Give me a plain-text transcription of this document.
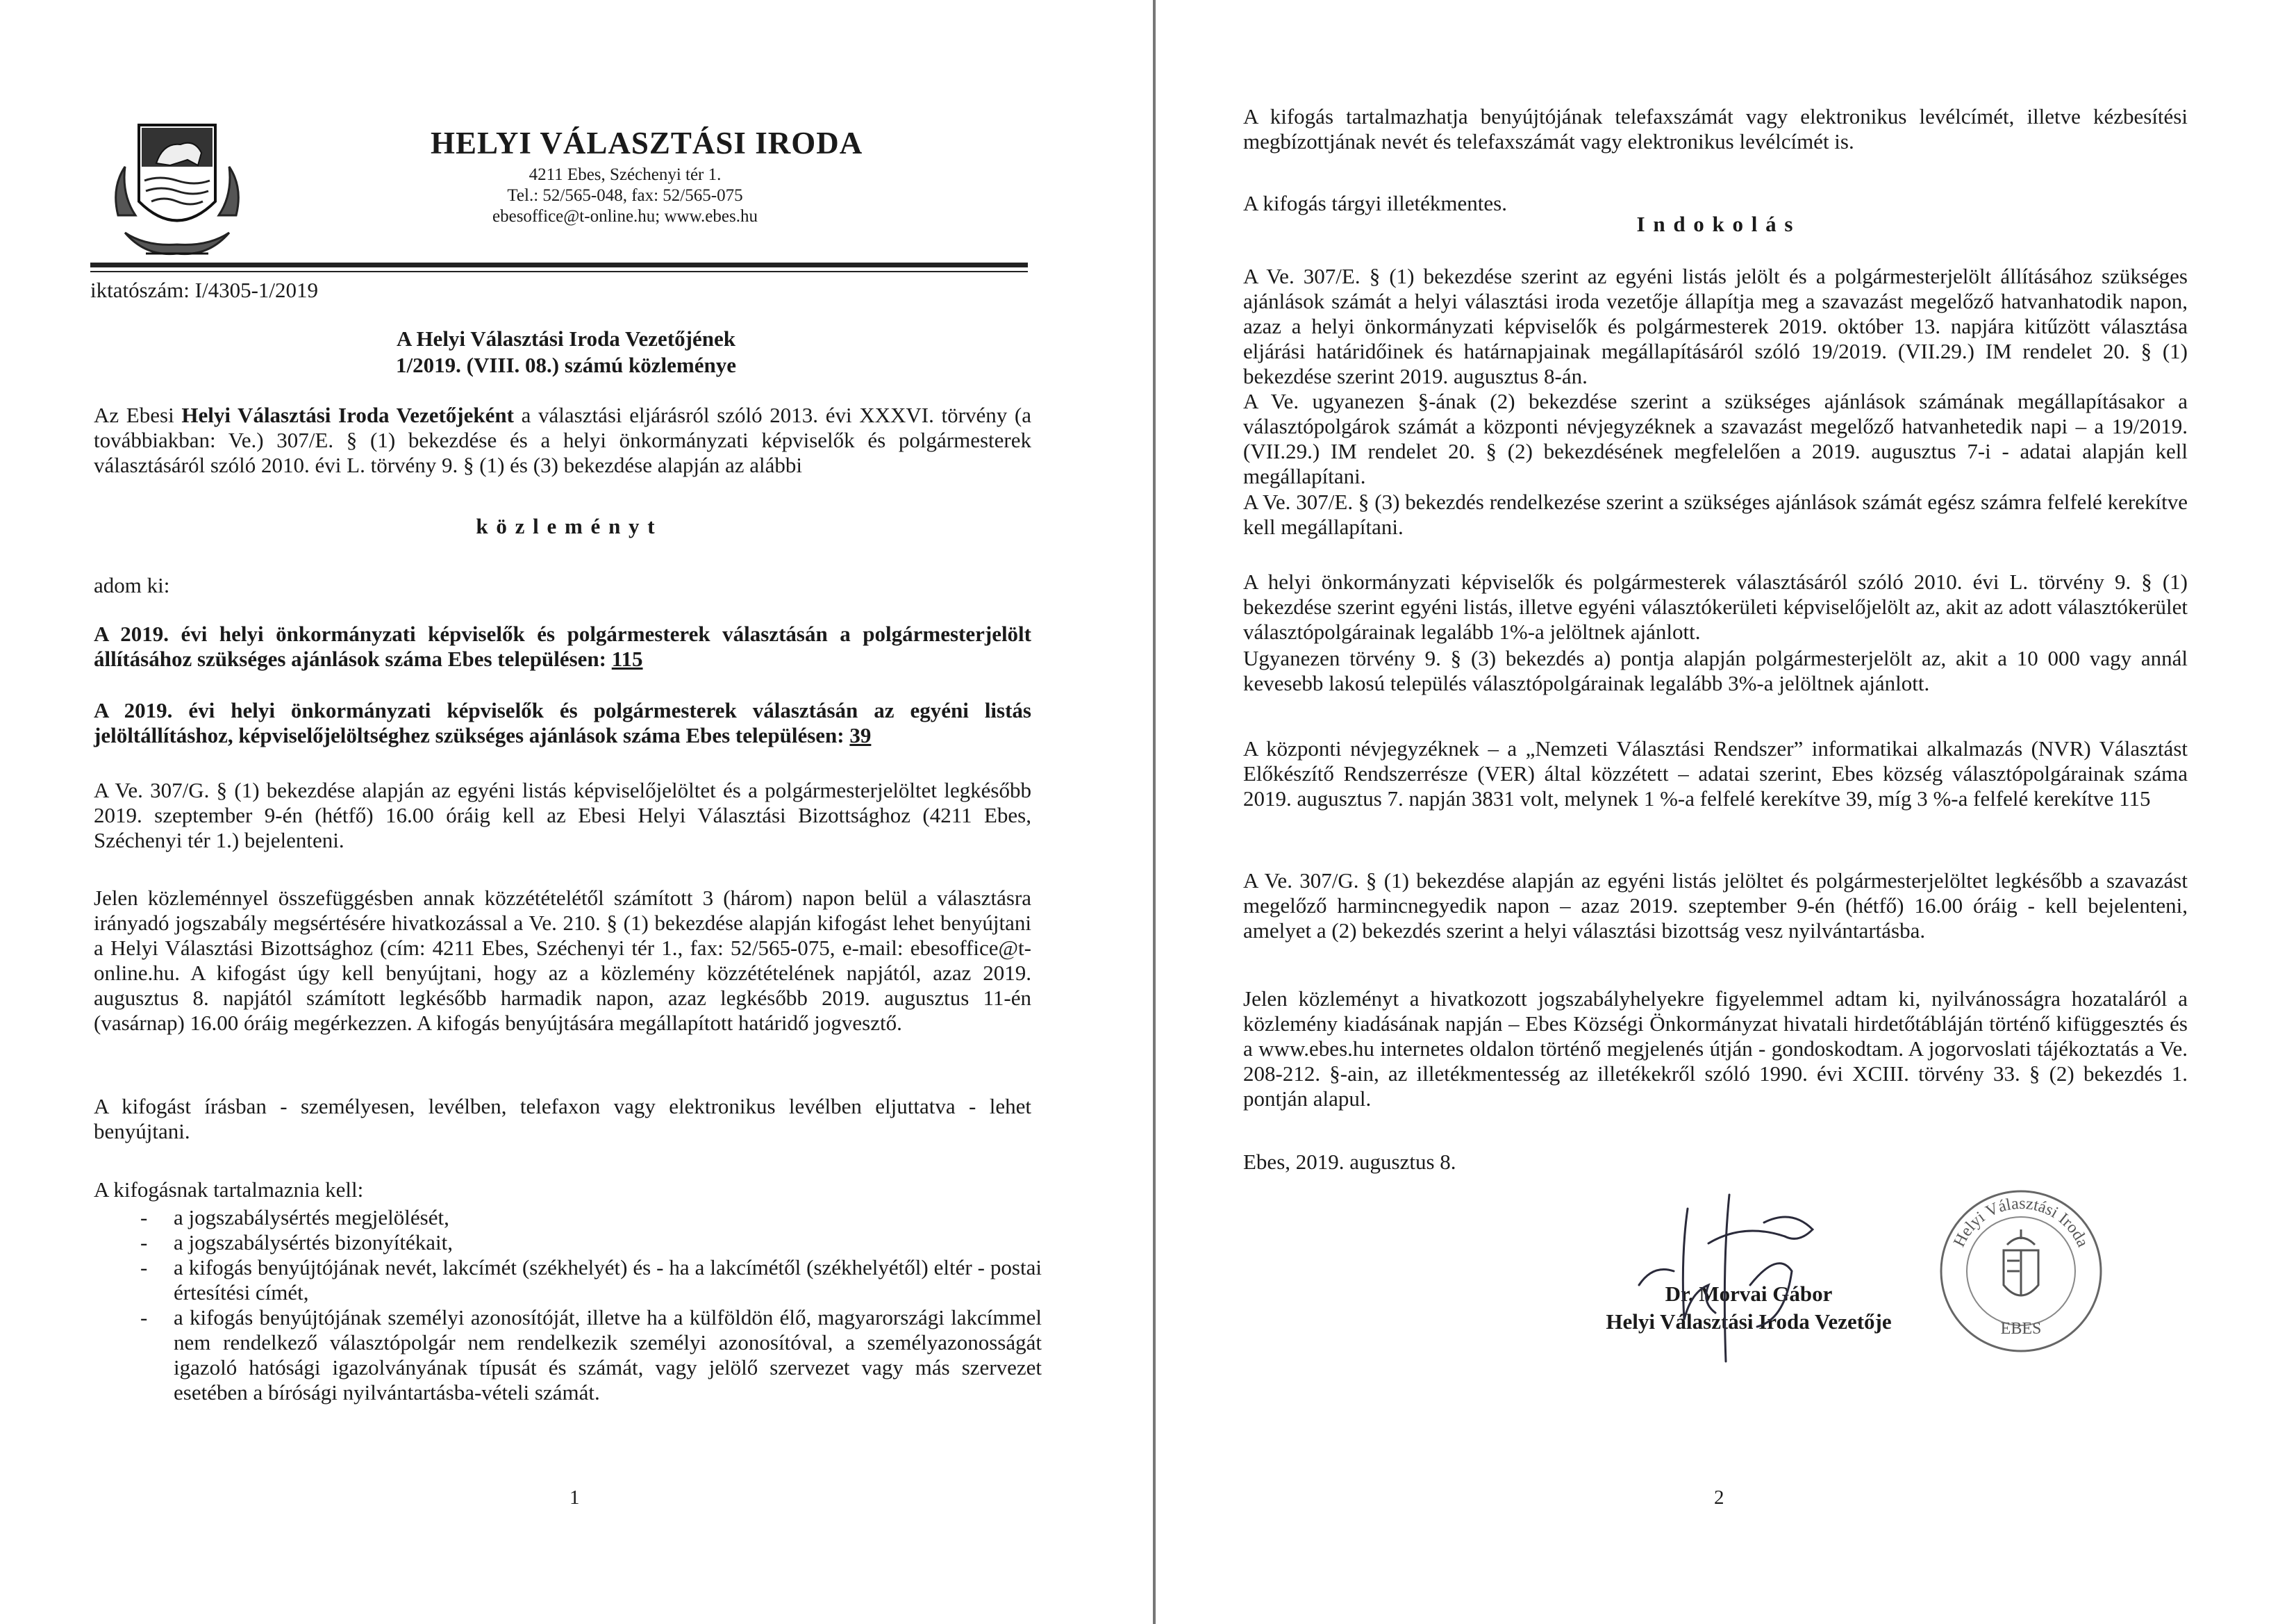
HELYI VÁLASZTÁSI IRODA
4211 Ebes, Széchenyi tér 1.
Tel.: 52/565-048, fax: 52/565-075
ebesoffice@t-online.hu; www.ebes.hu
iktatószám: I/4305-1/2019
A Helyi Választási Iroda Vezetőjének
1/2019. (VIII. 08.) számú közleménye
Az Ebesi Helyi Választási Iroda Vezetőjeként a választási eljárásról szóló 2013. évi XXXVI. törvény (a továbbiakban: Ve.) 307/E. § (1) bekezdése és a helyi önkormányzati képviselők és polgármesterek választásáról szóló 2010. évi L. törvény 9. § (1) és (3) bekezdése alapján az alábbi
k ö z l e m é n y t
adom ki:
A 2019. évi helyi önkormányzati képviselők és polgármesterek választásán a polgármesterjelölt állításához szükséges ajánlások száma Ebes településen: 115
A 2019. évi helyi önkormányzati képviselők és polgármesterek választásán az egyéni listás jelöltállításhoz, képviselőjelöltséghez szükséges ajánlások száma Ebes településen: 39
A Ve. 307/G. § (1) bekezdése alapján az egyéni listás képviselőjelöltet és a polgármesterjelöltet legkésőbb 2019. szeptember 9-én (hétfő) 16.00 óráig kell az Ebesi Helyi Választási Bizottsághoz (4211 Ebes, Széchenyi tér 1.) bejelenteni.
Jelen közleménnyel összefüggésben annak közzétételétől számított 3 (három) napon belül a választásra irányadó jogszabály megsértésére hivatkozással a Ve. 210. § (1) bekezdése alapján kifogást lehet benyújtani a Helyi Választási Bizottsághoz (cím: 4211 Ebes, Széchenyi tér 1., fax: 52/565-075, e-mail: ebesoffice@t-online.hu. A kifogást úgy kell benyújtani, hogy az a közlemény közzétételének napjától, azaz 2019. augusztus 8. napjától számított legkésőbb harmadik napon, azaz legkésőbb 2019. augusztus 11-én (vasárnap) 16.00 óráig megérkezzen. A kifogás benyújtására megállapított határidő jogvesztő.
A kifogást írásban - személyesen, levélben, telefaxon vagy elektronikus levélben eljuttatva - lehet benyújtani.
A kifogásnak tartalmaznia kell:

- a jogszabálysértés megjelölését,

- a jogszabálysértés bizonyítékait,

- a kifogás benyújtójának nevét, lakcímét (székhelyét) és - ha a lakcímétől (székhelyétől) eltér - postai értesítési címét,

- a kifogás benyújtójának személyi azonosítóját, illetve ha a külföldön élő, magyarországi lakcímmel nem rendelkező választópolgár nem rendelkezik személyi azonosítóval, a személyazonosságát igazoló hatósági igazolványának típusát és számát, vagy jelölő szervezet vagy más szervezet esetében a bírósági nyilvántartásba-vételi számát.

1
A kifogás tartalmazhatja benyújtójának telefaxszámát vagy elektronikus levélcímét, illetve kézbesítési megbízottjának nevét és telefaxszámát vagy elektronikus levélcímét is.
A kifogás tárgyi illetékmentes.
I n d o k o l á s
A Ve. 307/E. § (1) bekezdése szerint az egyéni listás jelölt és a polgármesterjelölt állításához szükséges ajánlások számát a helyi választási iroda vezetője állapítja meg a szavazást megelőző hatvanhatodik napon, azaz a helyi önkormányzati képviselők és polgármesterek 2019. október 13. napjára kitűzött választása eljárási határidőinek és határnapjainak megállapításáról szóló 19/2019. (VII.29.) IM rendelet 20. § (1) bekezdése szerint 2019. augusztus 8-án.
A Ve. ugyanezen §-ának (2) bekezdése szerint a szükséges ajánlások számának megállapításakor a választópolgárok számát a központi névjegyzéknek a szavazást megelőző hatvanhetedik napi – a 19/2019. (VII.29.) IM rendelet 20. § (2) bekezdésének megfelelően a 2019. augusztus 7-i - adatai alapján kell megállapítani.
A Ve. 307/E. § (3) bekezdés rendelkezése szerint a szükséges ajánlások számát egész számra felfelé kerekítve kell megállapítani.
A helyi önkormányzati képviselők és polgármesterek választásáról szóló 2010. évi L. törvény 9. § (1) bekezdése szerint egyéni listás, illetve egyéni választókerületi képviselőjelölt az, akit az adott választókerület választópolgárainak legalább 1%-a jelöltnek ajánlott.
Ugyanezen törvény 9. § (3) bekezdés a) pontja alapján polgármesterjelölt az, akit a 10 000 vagy annál kevesebb lakosú település választópolgárainak legalább 3%-a jelöltnek ajánlott.
A központi névjegyzéknek – a „Nemzeti Választási Rendszer” informatikai alkalmazás (NVR) Választást Előkészítő Rendszerrésze (VER) által közzétett – adatai szerint, Ebes község választópolgárainak száma 2019. augusztus 7. napján 3831 volt, melynek 1 %-a felfelé kerekítve 39, míg 3 %-a felfelé kerekítve 115
A Ve. 307/G. § (1) bekezdése alapján az egyéni listás jelöltet és polgármesterjelöltet legkésőbb a szavazást megelőző harmincnegyedik napon – azaz 2019. szeptember 9-én (hétfő) 16.00 óráig - kell bejelenteni, amelyet a (2) bekezdés szerint a helyi választási bizottság vesz nyilvántartásba.
Jelen közleményt a hivatkozott jogszabályhelyekre figyelemmel adtam ki, nyilvánosságra hozataláról a közlemény kiadásának napján – Ebes Községi Önkormányzat hivatali hirdetőtábláján történő kifüggesztés és a www.ebes.hu internetes oldalon történő megjelenés útján - gondoskodtam. A jogorvoslati tájékoztatás a Ve. 208-212. §-ain, az illetékmentesség az illetékekről szóló 1990. évi XCIII. törvény 33. § (2) bekezdés 1. pontján alapul.
Ebes, 2019. augusztus 8.
Dr. Morvai Gábor
Helyi Választási Iroda Vezetője
2
Helyi Választási Iroda
EBES
